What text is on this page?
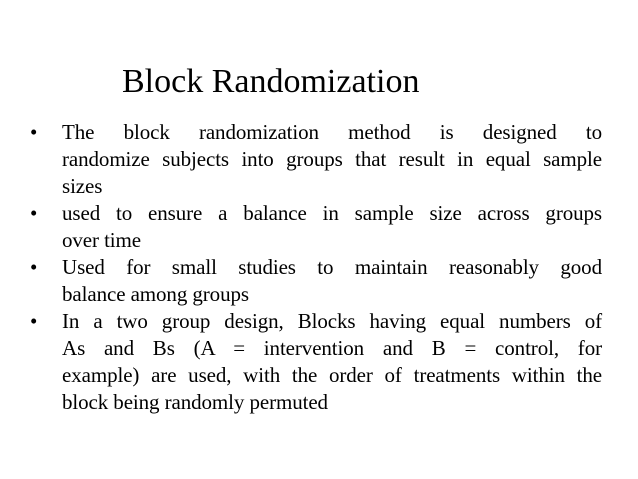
Block Randomization
•	The block randomization method is designed to
randomize subjects into groups that result in equal sample
sizes
•	used to ensure a balance in sample size across groups
over time
•	Used for small studies to maintain reasonably good
balance among groups
•	In a two group design, Blocks having equal numbers of
As and Bs (A = intervention and B = control, for
example) are used, with the order of treatments within the
block being randomly permuted
